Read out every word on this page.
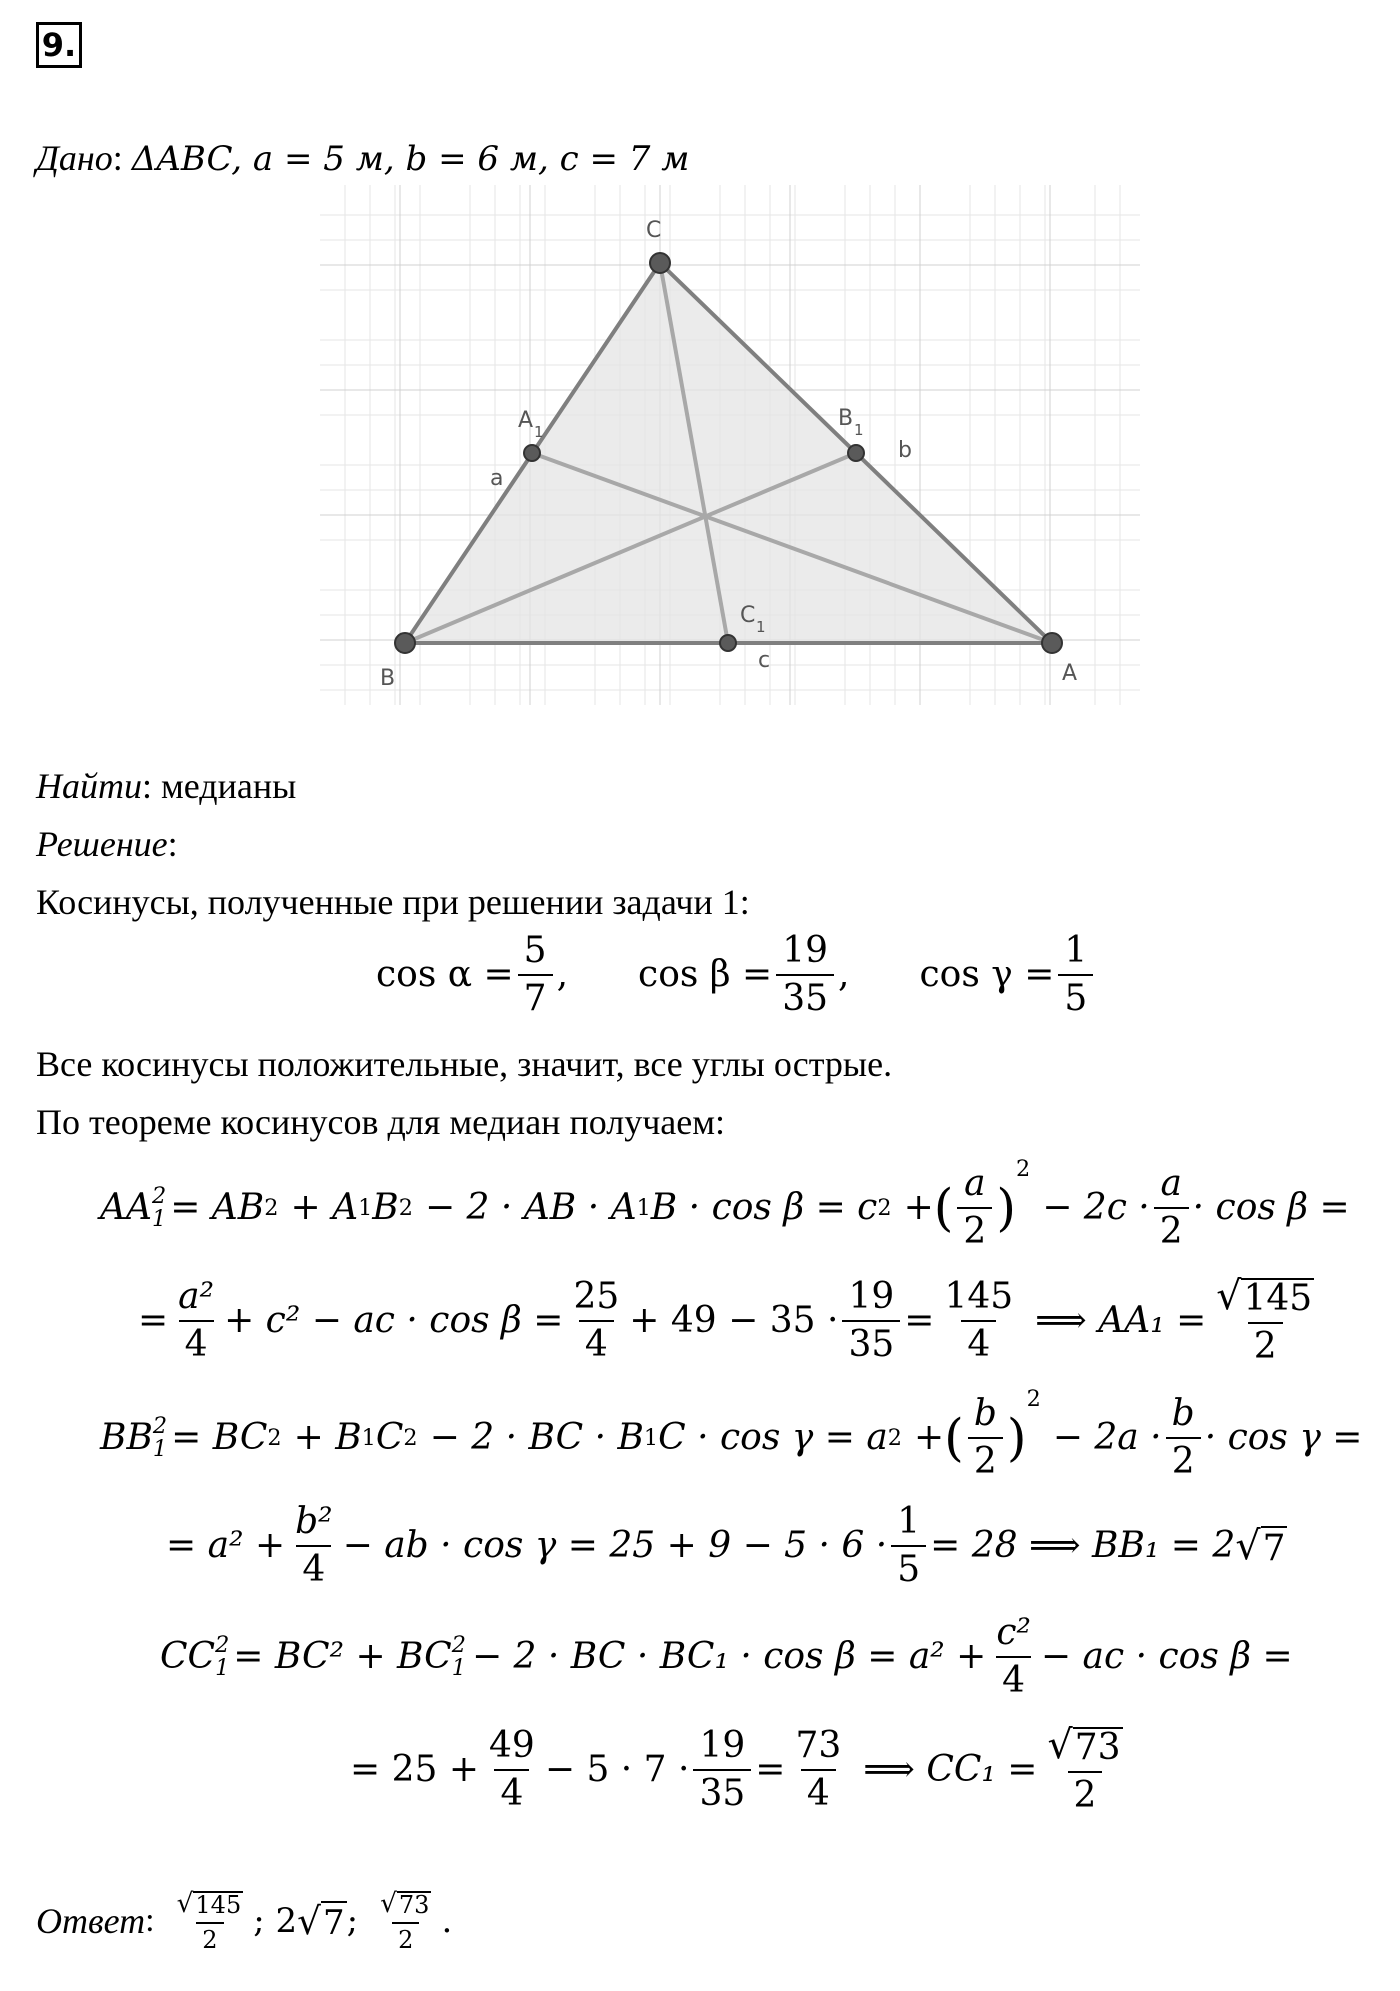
9.
Дано: ΔABC, a = 5 м, b = 6 м, c = 7 м
A
B
C
A 1
B 1
C 1
a
b
c
Найти: медианы
Решение:
Косинусы, полученные при решении задачи 1:
$\cos \alpha = \frac{5}{7}$ , $\cos \beta = \frac{19}{35}$ , $\cos \gamma = \frac{1}{5}$
Все косинусы положительные, значит, все углы острые.
По теореме косинусов для медиан получаем:
AA 2
1 = AB 2 + A 1 B 2 − 2 · AB · A 1 B · cos β = c 2 + ( $\frac{a}{2}$ )
2
− $2c \cdot \frac{a}{2} \cdot \cos \beta$ =
= $\frac{\text{a²}}{4} + c^2$ − ac · $\cos \beta = \frac{25}{4} + 49 - 35 \cdot \frac{19}{35} = \frac{145}{4}$ ⟹ $AA_1 = \frac{√ 145}{2}$
BB 2
1 = BC 2 + B 1 C 2 − 2 · BC · B 1 C · cos γ = a 2 + ( $\frac{b}{2}$ )
2
− $2a \cdot \frac{b}{2} \cdot \cos \gamma$ =
= $a^2 + \frac{\text{b²}}{4}$ − ab · $\cos \gamma = 25 + 9 - 5 \cdot 6 \cdot \frac{1}{5} = 28$ ⟹ BB₁ = 2 √ 7
CC 2
1 = BC² + BC 2
1 − 2 · BC · $BC_1 \cdot \cos \beta = a^2 + \frac{\text{c²}}{4}$ − ac · cos β =
= $25 + \frac{49}{4} - 5 \cdot 7 \cdot \frac{19}{35} = \frac{73}{4}$ ⟹ $CC_1 = \frac{√ 73}{2}$
Ответ : $\frac{√ 145}{2}$ ; 2 √ 7 ; $\frac{√ 73}{2}$ .
